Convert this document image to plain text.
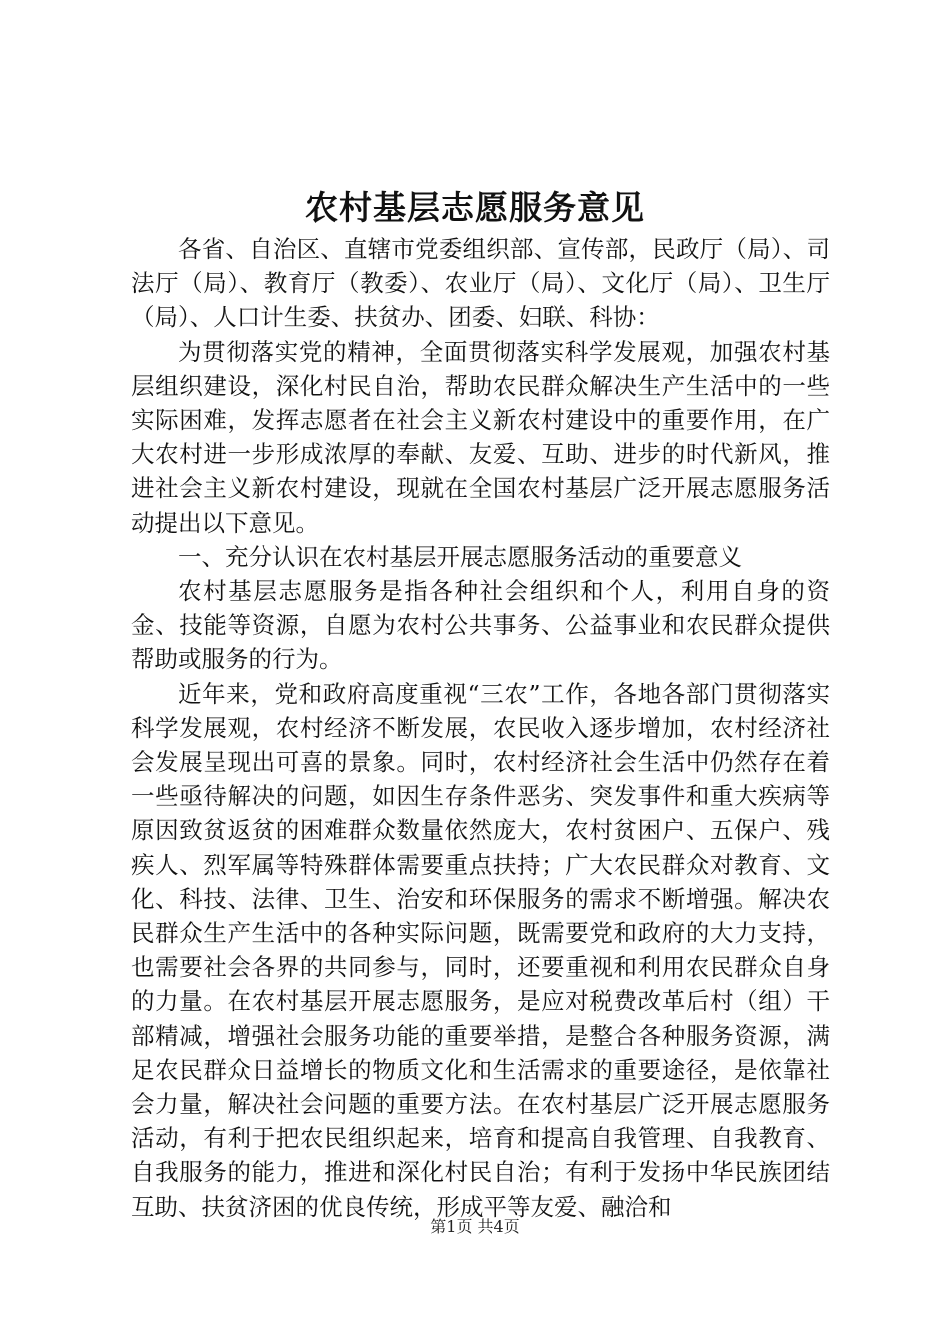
农村基层志愿服务意见

各省、自治区、直辖市党委组织部、宣传部，民政厅（局）、司法厅（局）、教育厅（教委）、农业厅（局）、文化厅（局）、卫生厅（局）、人口计生委、扶贫办、团委、妇联、科协：

为贯彻落实党的精神，全面贯彻落实科学发展观，加强农村基层组织建设，深化村民自治，帮助农民群众解决生产生活中的一些实际困难，发挥志愿者在社会主义新农村建设中的重要作用，在广大农村进一步形成浓厚的奉献、友爱、互助、进步的时代新风，推进社会主义新农村建设，现就在全国农村基层广泛开展志愿服务活动提出以下意见。

一、充分认识在农村基层开展志愿服务活动的重要意义

农村基层志愿服务是指各种社会组织和个人，利用自身的资金、技能等资源，自愿为农村公共事务、公益事业和农民群众提供帮助或服务的行为。

近年来，党和政府高度重视“三农”工作，各地各部门贯彻落实科学发展观，农村经济不断发展，农民收入逐步增加，农村经济社会发展呈现出可喜的景象。同时，农村经济社会生活中仍然存在着一些亟待解决的问题，如因生存条件恶劣、突发事件和重大疾病等原因致贫返贫的困难群众数量依然庞大，农村贫困户、五保户、残疾人、烈军属等特殊群体需要重点扶持；广大农民群众对教育、文化、科技、法律、卫生、治安和环保服务的需求不断增强。解决农民群众生产生活中的各种实际问题，既需要党和政府的大力支持，也需要社会各界的共同参与，同时，还要重视和利用农民群众自身的力量。在农村基层开展志愿服务，是应对税费改革后村（组）干部精减，增强社会服务功能的重要举措，是整合各种服务资源，满足农民群众日益增长的物质文化和生活需求的重要途径，是依靠社会力量，解决社会问题的重要方法。在农村基层广泛开展志愿服务活动，有利于把农民组织起来，培育和提高自我管理、自我教育、自我服务的能力，推进和深化村民自治；有利于发扬中华民族团结互助、扶贫济困的优良传统，形成平等友爱、融洽和

第1页 共4页
